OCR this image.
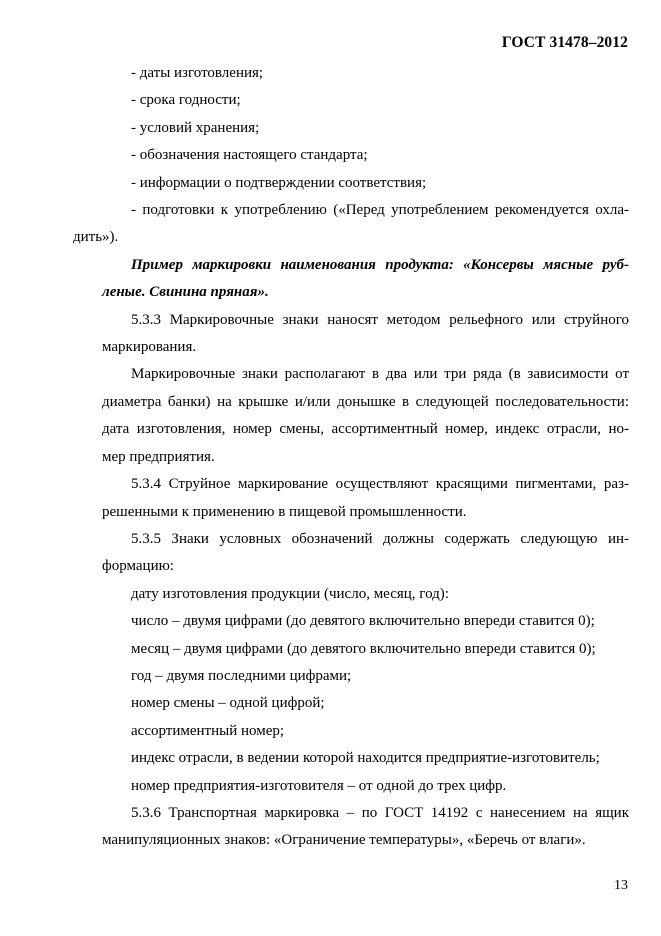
ГОСТ 31478–2012

- даты изготовления;

- срока годности;

- условий хранения;

- обозначения настоящего стандарта;

- информации о подтверждении соответствия;

- подготовки к употреблению («Перед употреблением рекомендуется охла-
дить»).
Пример маркировки наименования продукта: «Консервы мясные руб-
леные. Свинина пряная».
5.3.3 Маркировочные знаки наносят методом рельефного или струйного
маркирования.
Маркировочные знаки располагают в два или три ряда (в зависимости от
диаметра банки) на крышке и/или донышке в следующей последовательности:
дата изготовления, номер смены, ассортиментный номер, индекс отрасли, но-
мер предприятия.
5.3.4 Струйное маркирование осуществляют красящими пигментами, раз-
решенными к применению в пищевой промышленности.
5.3.5 Знаки условных обозначений должны содержать следующую ин-
формацию:

дату изготовления продукции (число, месяц, год):

число – двумя цифрами (до девятого включительно впереди ставится 0);

месяц – двумя цифрами (до девятого включительно впереди ставится 0);

год – двумя последними цифрами;

номер смены – одной цифрой;

ассортиментный номер;

индекс отрасли, в ведении которой находится предприятие-изготовитель;

номер предприятия-изготовителя – от одной до трех цифр.

5.3.6 Транспортная маркировка – по ГОСТ 14192 с нанесением на ящик
манипуляционных знаков: «Ограничение температуры», «Беречь от влаги».
13
